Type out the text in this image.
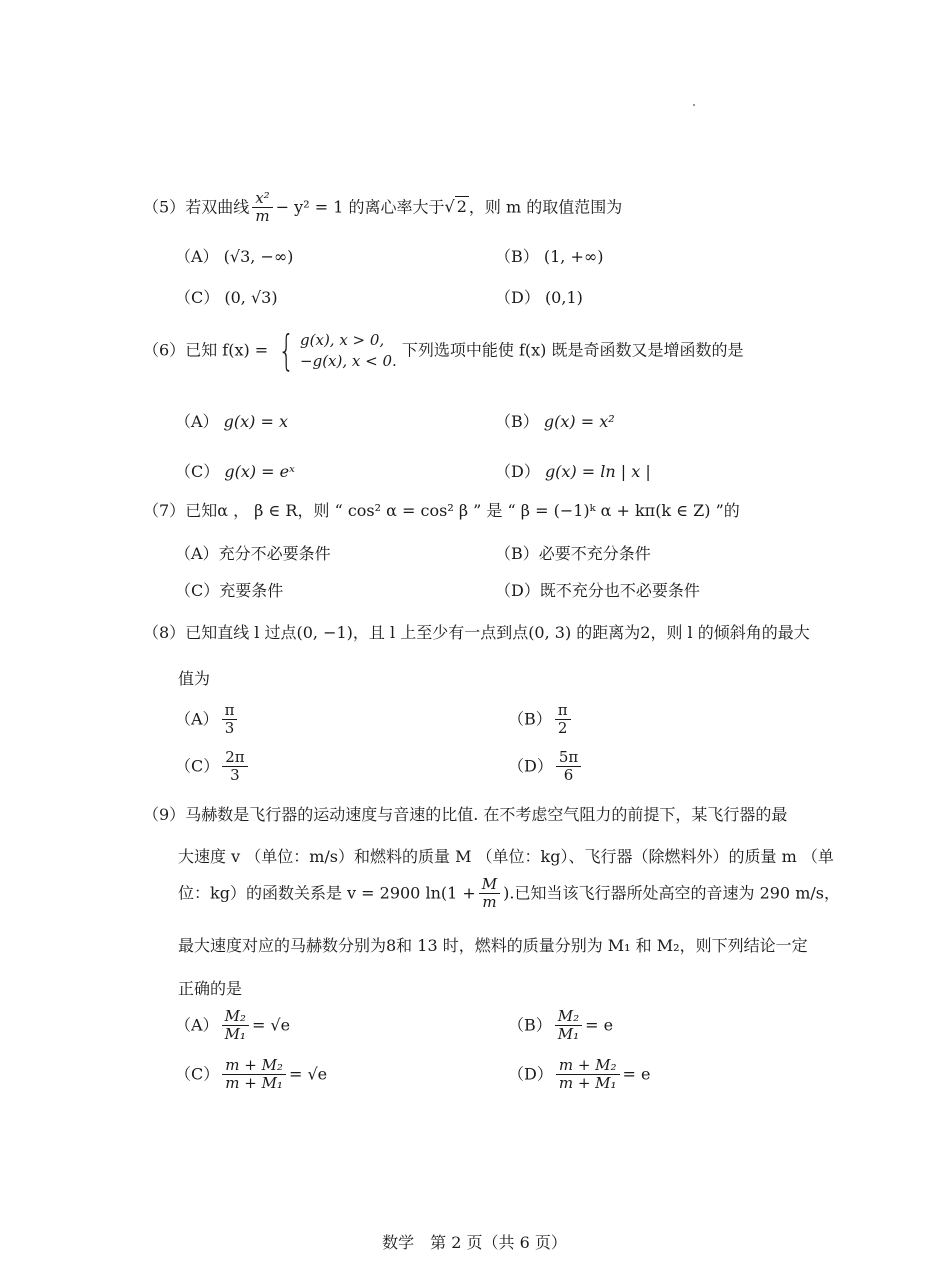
（5）若双曲线 $\frac{\text{x²}}{m} - y^2 = 1$ 的离心率大于√ 2 ，则 m 的取值范围为
（A） (√3, −∞)	（B） (1, +∞)
（C） (0, √3)	（D） (0,1)
（6）已知 f(x) = { g(x), x > 0,
−g(x), x < 0.
下列选项中能使 f(x) 既是奇函数又是增函数的是
（A） g(x) = x	（B） g(x) = x²
（C） g(x) = eˣ	（D） g(x) = ln | x |
（7）已知α ， β ∈ R，则 “ cos² α = cos² β ” 是 “ β = (−1)ᵏ α + kπ(k ∈ Z) ”的
（A）充分不必要条件	（B）必要不充分条件
（C）充要条件	（D）既不充分也不必要条件
（8）已知直线 l 过点(0, −1)，且 l 上至少有一点到点(0, 3) 的距离为2，则 l 的倾斜角的最大
值为
$(A) \frac{\pi}{3}$	$(B) \frac{\pi}{2}$
$(C) \frac{2\pi}{3}$	$(D) \frac{5\pi}{6}$
（9）马赫数是飞行器的运动速度与音速的比值. 在不考虑空气阻力的前提下，某飞行器的最
大速度 v （单位：m/s）和燃料的质量 M （单位：kg）、飞行器（除燃料外）的质量 m （单
位：kg）的函数关系是 v = 2900 $\ln(1 + \frac{M}{m}$ ).已知当该飞行器所处高空的音速为 290 m/s，
最大速度对应的马赫数分别为8和 13 时，燃料的质量分别为 M₁ 和 M₂，则下列结论一定
正确的是
$(A) \frac{\text{M₂}}{\text{M₁}} = √e$	$(B) \frac{\text{M₂}}{\text{M₁}} = e$
$(C) \frac{\text{m + M₂}}{\text{m + M₁}} = √e$	$(D) \frac{\text{m + M₂}}{\text{m + M₁}} = e$
数学　第 2 页（共 6 页）
